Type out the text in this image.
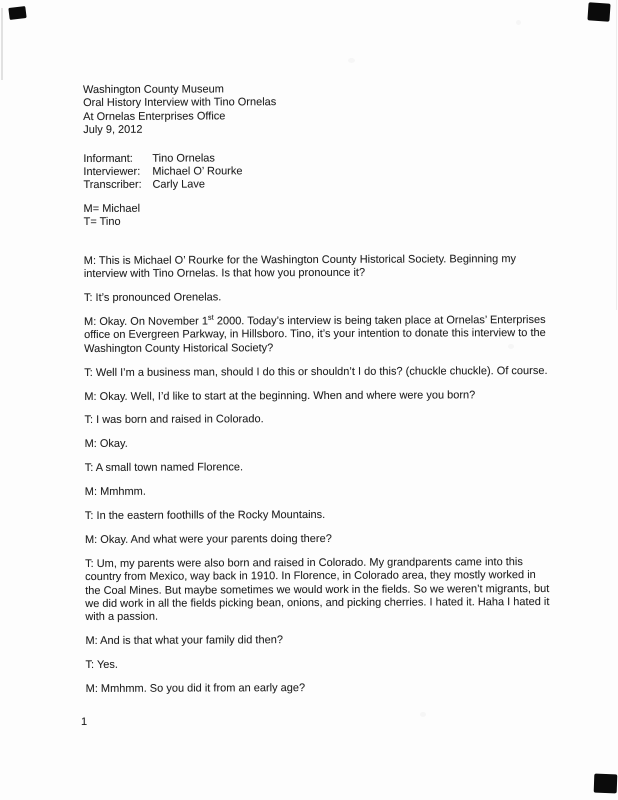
Washington County Museum
Oral History Interview with Tino Ornelas
At Ornelas Enterprises Office
July 9, 2012
Informant:	Tino Ornelas
Interviewer:	Michael O’ Rourke
Transcriber: Carly Lave
M= Michael
T= Tino

M: This is Michael O’ Rourke for the Washington County Historical Society. Beginning my
interview with Tino Ornelas. Is that how you pronounce it?

T: It’s pronounced Orenelas.

M: Okay. On November 1st 2000. Today’s interview is being taken place at Ornelas’ Enterprises
office on Evergreen Parkway, in Hillsboro. Tino, it’s your intention to donate this interview to the
Washington County Historical Society?

T: Well I’m a business man, should I do this or shouldn’t I do this? (chuckle chuckle). Of course.

M: Okay. Well, I’d like to start at the beginning. When and where were you born?

T: I was born and raised in Colorado.

M: Okay.

T: A small town named Florence.

M: Mmhmm.

T: In the eastern foothills of the Rocky Mountains.

M: Okay. And what were your parents doing there?

T: Um, my parents were also born and raised in Colorado. My grandparents came into this
country from Mexico, way back in 1910. In Florence, in Colorado area, they mostly worked in
the Coal Mines. But maybe sometimes we would work in the fields. So we weren’t migrants, but
we did work in all the fields picking bean, onions, and picking cherries. I hated it. Haha I hated it
with a passion.

M: And is that what your family did then?

T: Yes.

M: Mmhmm. So you did it from an early age?

1
